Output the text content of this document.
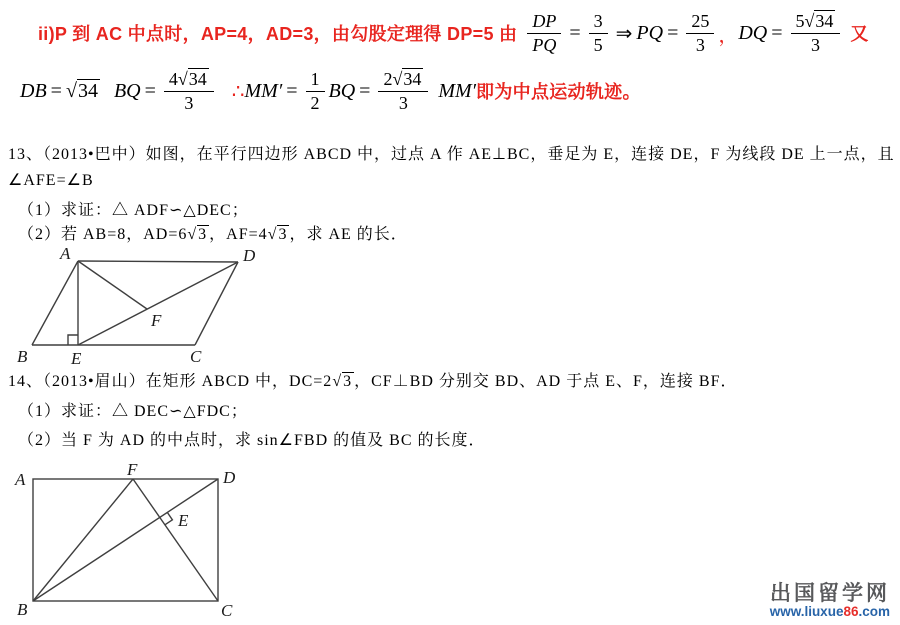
ii)P 到 AC 中点时，AP=4，AD=3，由勾股定理得 DP=5 由 $\frac{DP}{PQ} = \frac{3}{5}$ ⇒ PQ = $\frac{25}{3}$ ， DQ = $\frac{5 √ 34}{3}$ 又
DB = √ 34 BQ = $\frac{4 √ 34}{3}$ ∴ $MM' = \frac{1}{2}$ BQ = $\frac{2 √ 34}{3} MM'$ 即为中点运动轨迹。
13、（2013•巴中）如图，在平行四边形 ABCD 中，过点 A 作 AE⊥BC，垂足为 E，连接 DE，F 为线段 DE 上一点，且
∠AFE=∠B
（1）求证：△ ADF∽△DEC；
（2）若 AB=8，AD=6 √ 3 ，AF=4 √ 3 ，求 AE 的长．
A	D
B	E	C
F
14、（2013•眉山）在矩形 ABCD 中，DC=2 √ 3 ，CF⊥BD 分别交 BD、AD 于点 E、F，连接 BF．
（1）求证：△ DEC∽△FDC；
（2）当 F 为 AD 的中点时，求 sin∠FBD 的值及 BC 的长度．
A
F	D
E
B	C
出国留学网
www.liuxue86.com
